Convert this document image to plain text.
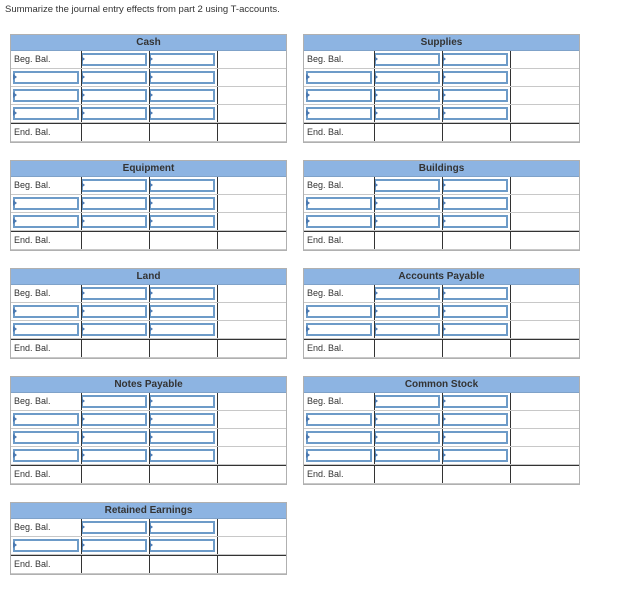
Summarize the journal entry effects from part 2 using T-accounts.
Cash
Beg. Bal.
End. Bal.
Supplies
Beg. Bal.
End. Bal.
Equipment
Beg. Bal.
End. Bal.
Buildings
Beg. Bal.
End. Bal.
Land
Beg. Bal.
End. Bal.
Accounts Payable
Beg. Bal.
End. Bal.
Notes Payable
Beg. Bal.
End. Bal.
Common Stock
Beg. Bal.
End. Bal.
Retained Earnings
Beg. Bal.
End. Bal.
